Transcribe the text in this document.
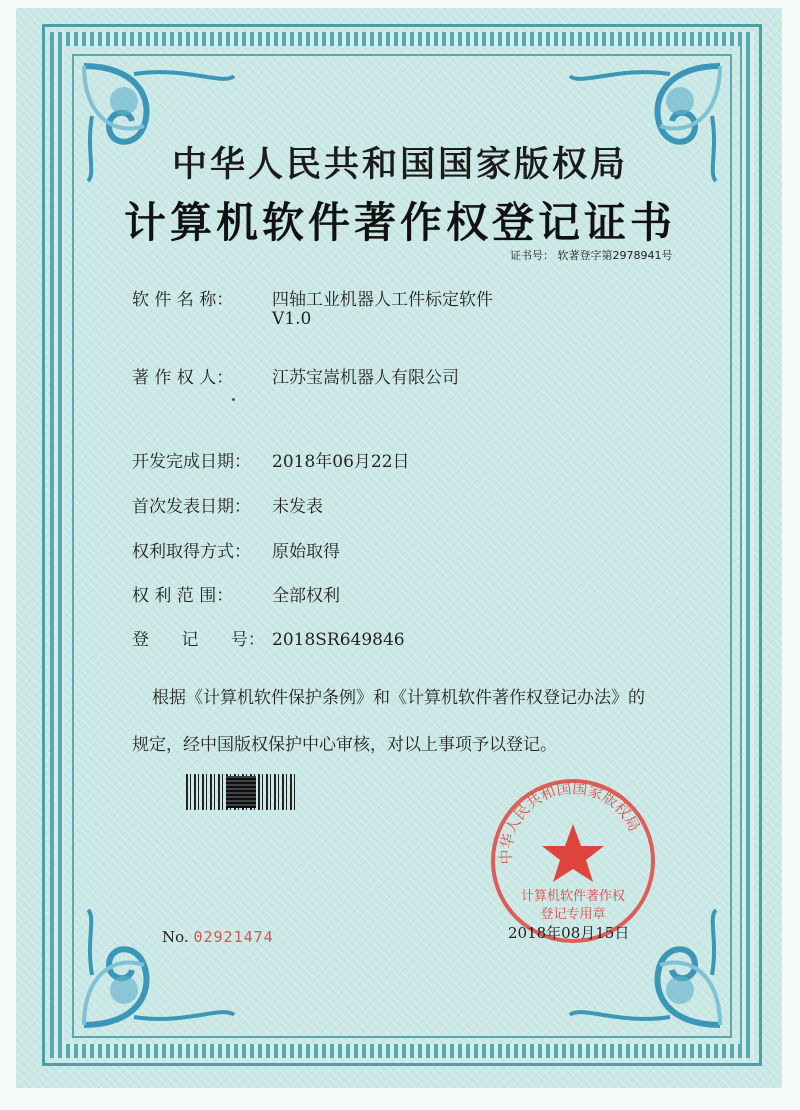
中华人民共和国国家版权局
计算机软件著作权登记证书
证书号： 软著登字第2978941号
软 件 名 称： 四轴工业机器人工件标定软件
V1.0
著 作 权 人： 江苏宝嵩机器人有限公司
开发完成日期： 2018年06月22日
首次发表日期： 未发表
权利取得方式： 原始取得
权 利 范 围： 全部权利
登      记      号： 2018SR649846
根据《计算机软件保护条例》和《计算机软件著作权登记办法》的
规定，经中国版权保护中心审核，对以上事项予以登记。
No. 02921474
中华人民共和国国家版权局
计算机软件著作权
登记专用章
2018年08月15日
